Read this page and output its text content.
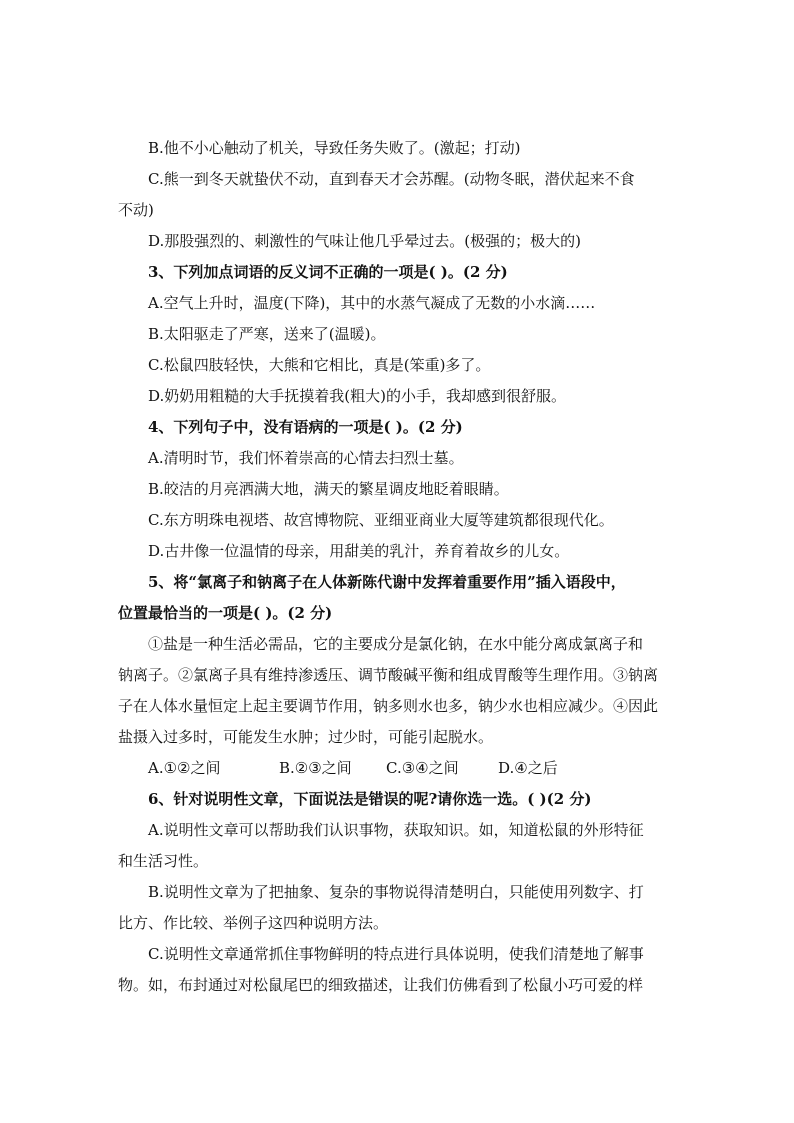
B.他不小心触动了机关，导致任务失败了。(激起；打动)
C.熊一到冬天就蛰伏不动，直到春天才会苏醒。(动物冬眠，潜伏起来不食
不动)
D.那股强烈的、刺激性的气味让他几乎晕过去。(极强的；极大的)
3、下列加点词语的反义词不正确的一项是( )。(2 分)
A.空气上升时，温度(下降)，其中的水蒸气凝成了无数的小水滴……
B.太阳驱走了严寒，送来了(温暖)。
C.松鼠四肢轻快，大熊和它相比，真是(笨重)多了。
D.奶奶用粗糙的大手抚摸着我(粗大)的小手，我却感到很舒服。
4、下列句子中，没有语病的一项是( )。(2 分)
A.清明时节，我们怀着崇高的心情去扫烈士墓。
B.皎洁的月亮洒满大地，满天的繁星调皮地眨着眼睛。
C.东方明珠电视塔、故宫博物院、亚细亚商业大厦等建筑都很现代化。
D.古井像一位温情的母亲，用甜美的乳汁，养育着故乡的儿女。
5、将“氯离子和钠离子在人体新陈代谢中发挥着重要作用”插入语段中，
位置最恰当的一项是( )。(2 分)
①盐是一种生活必需品，它的主要成分是氯化钠，在水中能分离成氯离子和
钠离子。②氯离子具有维持渗透压、调节酸碱平衡和组成胃酸等生理作用。③钠离
子在人体水量恒定上起主要调节作用，钠多则水也多，钠少水也相应减少。④因此
盐摄入过多时，可能发生水肿；过少时，可能引起脱水。
A.①②之间	B.②③之间 C.③④之间	D.④之后
6、针对说明性文章，下面说法是错误的呢?请你选一选。( )(2 分)
A.说明性文章可以帮助我们认识事物，获取知识。如，知道松鼠的外形特征
和生活习性。
B.说明性文章为了把抽象、复杂的事物说得清楚明白，只能使用列数字、打
比方、作比较、举例子这四种说明方法。
C.说明性文章通常抓住事物鲜明的特点进行具体说明，使我们清楚地了解事
物。如，布封通过对松鼠尾巴的细致描述，让我们仿佛看到了松鼠小巧可爱的样
